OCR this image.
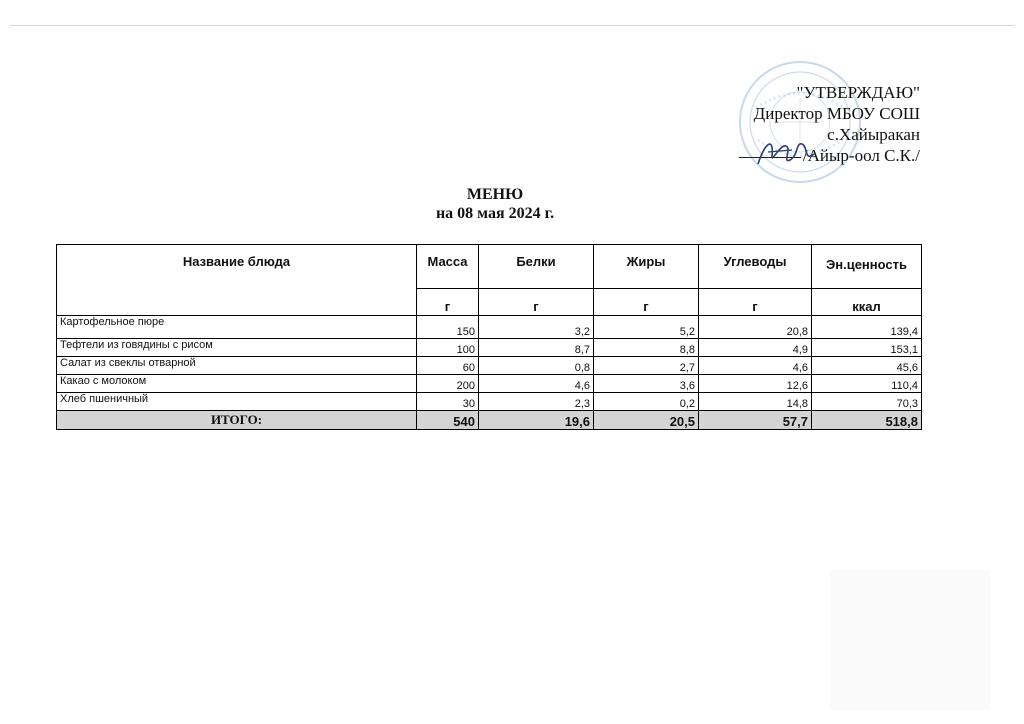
"УТВЕРЖДАЮ"
Директор МБОУ СОШ
с.Хайыракан
/Айыр-оол С.К./
МЕНЮ
на 08 мая 2024 г.
Название блюда	Масса	Белки	Жиры	Углеводы	Эн.ценность
	г	г	г	г	ккал
Картофельное пюре	150	3,2	5,2	20,8	139,4
Тефтели из говядины с рисом	100	8,7	8,8	4,9	153,1
Салат из свеклы отварной	60	0,8	2,7	4,6	45,6
Какао с молоком	200	4,6	3,6	12,6	110,4
Хлеб пшеничный	30	2,3	0,2	14,8	70,3
ИТОГО:	540	19,6	20,5	57,7	518,8
